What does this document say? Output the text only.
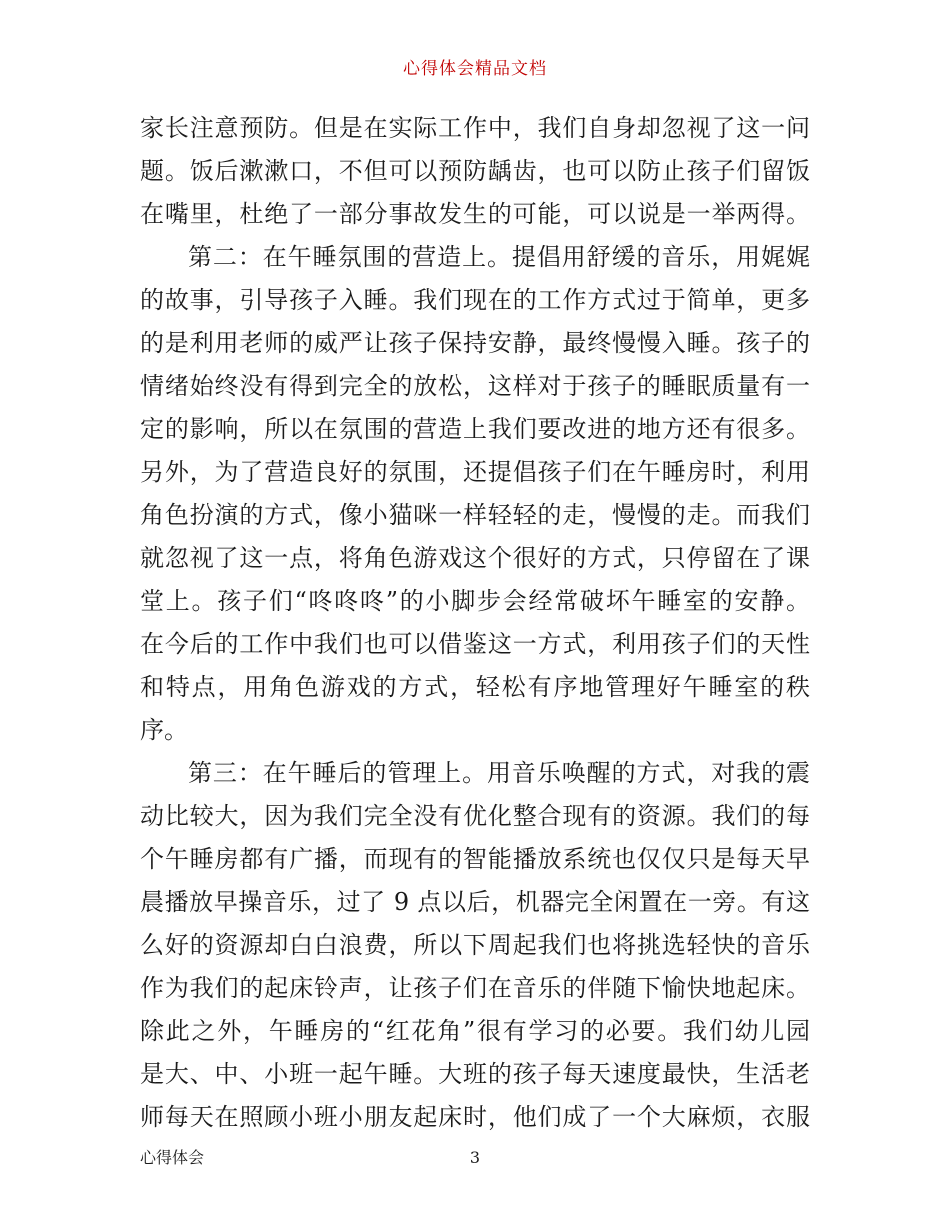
心得体会精品文档
家长注意预防。但是在实际工作中，我们自身却忽视了这一问
题。饭后漱漱口，不但可以预防龋齿，也可以防止孩子们留饭
在嘴里，杜绝了一部分事故发生的可能，可以说是一举两得。
第二：在午睡氛围的营造上。提倡用舒缓的音乐，用娓娓
的故事，引导孩子入睡。我们现在的工作方式过于简单，更多
的是利用老师的威严让孩子保持安静，最终慢慢入睡。孩子的
情绪始终没有得到完全的放松，这样对于孩子的睡眠质量有一
定的影响，所以在氛围的营造上我们要改进的地方还有很多。
另外，为了营造良好的氛围，还提倡孩子们在午睡房时，利用
角色扮演的方式，像小猫咪一样轻轻的走，慢慢的走。而我们
就忽视了这一点，将角色游戏这个很好的方式，只停留在了课
堂上。孩子们“咚咚咚”的小脚步会经常破坏午睡室的安静。
在今后的工作中我们也可以借鉴这一方式，利用孩子们的天性
和特点，用角色游戏的方式，轻松有序地管理好午睡室的秩
序。
第三：在午睡后的管理上。用音乐唤醒的方式，对我的震
动比较大，因为我们完全没有优化整合现有的资源。我们的每
个午睡房都有广播，而现有的智能播放系统也仅仅只是每天早
晨播放早操音乐，过了 9 点以后，机器完全闲置在一旁。有这
么好的资源却白白浪费，所以下周起我们也将挑选轻快的音乐
作为我们的起床铃声，让孩子们在音乐的伴随下愉快地起床。
除此之外，午睡房的“红花角”很有学习的必要。我们幼儿园
是大、中、小班一起午睡。大班的孩子每天速度最快，生活老
师每天在照顾小班小朋友起床时，他们成了一个大麻烦，衣服
心得体会	3
